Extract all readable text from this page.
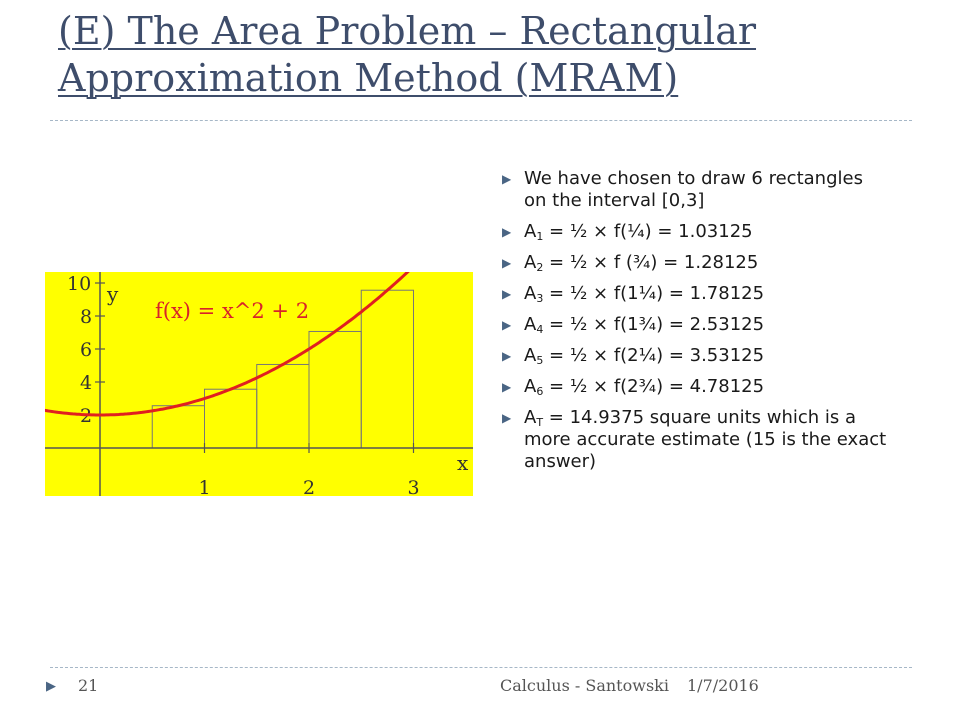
(E) The Area Problem – Rectangular Approximation Method (MRAM)
2
4
6
8
10
1	2	3
f(x) = x^2 + 2
y
x
▶ We have chosen to draw 6 rectangles on the interval [0,3]
▶ $A_1$ = ½ × f(¼) = 1.03125
▶ $A_2$ = ½ × f (¾) = 1.28125
▶ $A_3$ = ½ × f(1¼) = 1.78125
▶ $A_4$ = ½ × f(1¾) = 2.53125
▶ $A_5$ = ½ × f(2¼) = 3.53125
▶ $A_6$ = ½ × f(2¾) = 4.78125
▶ $A_T = 14.9375$ square units which is a more accurate estimate (15 is the exact answer)
▶ 21	Calculus - Santowski 1/7/2016
